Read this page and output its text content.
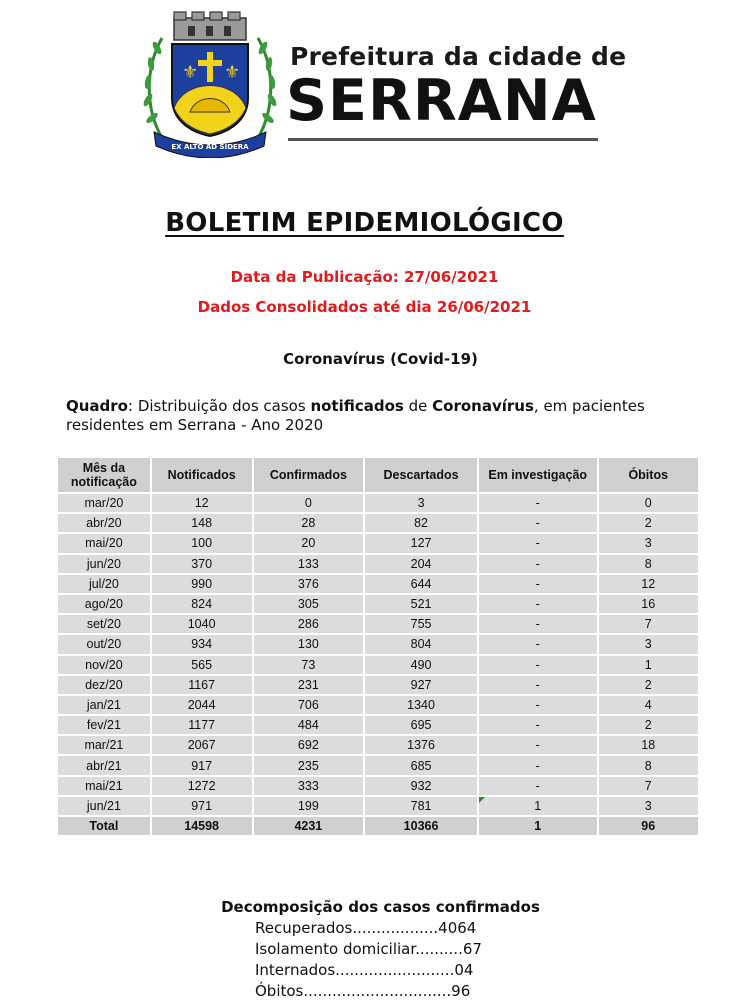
⚜ ⚜
EX ALTO AD SIDERA
Prefeitura da cidade de
SERRANA
BOLETIM EPIDEMIOLÓGICO
Data da Publicação: 27/06/2021
Dados Consolidados até dia 26/06/2021
Coronavírus (Covid-19)
Quadro: Distribuição dos casos notificados de Coronavírus, em pacientes residentes em Serrana - Ano 2020
Mês da notificação	Notificados	Confirmados	Descartados	Em investigação	Óbitos
mar/20	12	0	3	-	0
abr/20	148	28	82	-	2
mai/20	100	20	127	-	3
jun/20	370	133	204	-	8
jul/20	990	376	644	-	12
ago/20	824	305	521	-	16
set/20	1040	286	755	-	7
out/20	934	130	804	-	3
nov/20	565	73	490	-	1
dez/20	1167	231	927	-	2
jan/21	2044	706	1340	-	4
fev/21	1177	484	695	-	2
mar/21	2067	692	1376	-	18
abr/21	917	235	685	-	8
mai/21	1272	333	932	-	7
jun/21	971	199	781	1	3
Total	14598	4231	10366	1	96
Decomposição dos casos confirmados
Recuperados..................4064
Isolamento domiciliar..........67
Internados.........................04
Óbitos...............................96
